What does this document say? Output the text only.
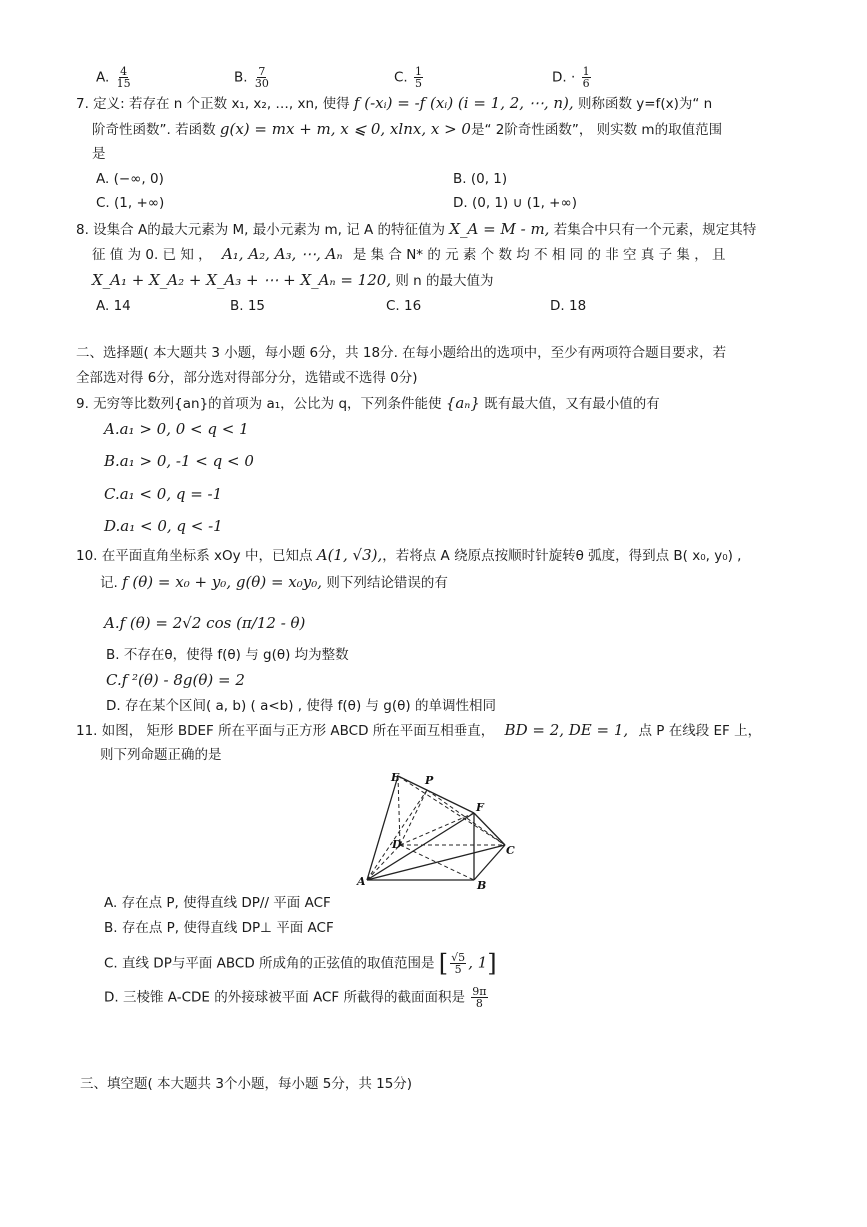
A. $\frac{4}{15}$	B. $\frac{7}{30}$	C. $\frac{1}{5}$	D. · $\frac{1}{6}$
7. 定义: 若存在 n 个正数 x₁, x₂, …, xn, 使得 f (-xᵢ) = -f (xᵢ) (i = 1, 2, ⋯, n), 则称函数 y=f(x)为“ n
阶奇性函数”. 若函数 g(x) = mx + m, x ⩽ 0, xlnx, x > 0是“ 2阶奇性函数”， 则实数 m的取值范围
是
A. (−∞, 0)	B. (0, 1)
C. (1, +∞)	D. (0, 1) ∪ (1, +∞)
8. 设集合 A的最大元素为 M, 最小元素为 m, 记 A 的特征值为 X_A = M - m, 若集合中只有一个元素，规定其特
征 值 为 0. 已 知 ， A₁, A₂, A₃, ⋯, Aₙ 是 集 合 N* 的 元 素 个 数 均 不 相 同 的 非 空 真 子 集 ， 且
X_A₁ + X_A₂ + X_A₃ + ⋯ + X_Aₙ = 120, 则 n 的最大值为
A. 14	B. 15	C. 16	D. 18
二、选择题( 本大题共 3 小题，每小题 6分，共 18分. 在每小题给出的选项中，至少有两项符合题目要求，若
全部选对得 6分，部分选对得部分分，选错或不选得 0分)
9. 无穷等比数列{an}的首项为 a₁，公比为 q，下列条件能使 {aₙ} 既有最大值，又有最小值的有
A.a₁ > 0, 0 < q < 1
B.a₁ > 0, -1 < q < 0
C.a₁ < 0, q = -1
D.a₁ < 0, q < -1
10. 在平面直角坐标系 xOy 中，已知点 A(1, √3),，若将点 A 绕原点按顺时针旋转θ 弧度，得到点 B( x₀, y₀) ,
记. f (θ) = x₀ + y₀, g(θ) = x₀y₀, 则下列结论错误的有
A.f (θ) = 2√2 cos (π/12 - θ)
B. 不存在θ，使得 f(θ) 与 g(θ) 均为整数
C.f ²(θ) - 8g(θ) = 2
D. 存在某个区间( a, b) ( a<b) , 使得 f(θ) 与 g(θ) 的单调性相同
11. 如图， 矩形 BDEF 所在平面与正方形 ABCD 所在平面互相垂直， BD = 2, DE = 1, 点 P 在线段 EF 上，
则下列命题正确的是
E P
F
D	C
A	B
A. 存在点 P, 使得直线 DP// 平面 ACF
B. 存在点 P, 使得直线 DP⊥ 平面 ACF
C. 直线 DP与平面 ABCD 所成角的正弦值的取值范围是 [ $\frac{√5}{5}$ , 1]
D. 三棱锥 A-CDE 的外接球被平面 ACF 所截得的截面面积是 $\frac{9\pi}{8}$
三、填空题( 本大题共 3个小题，每小题 5分，共 15分)
